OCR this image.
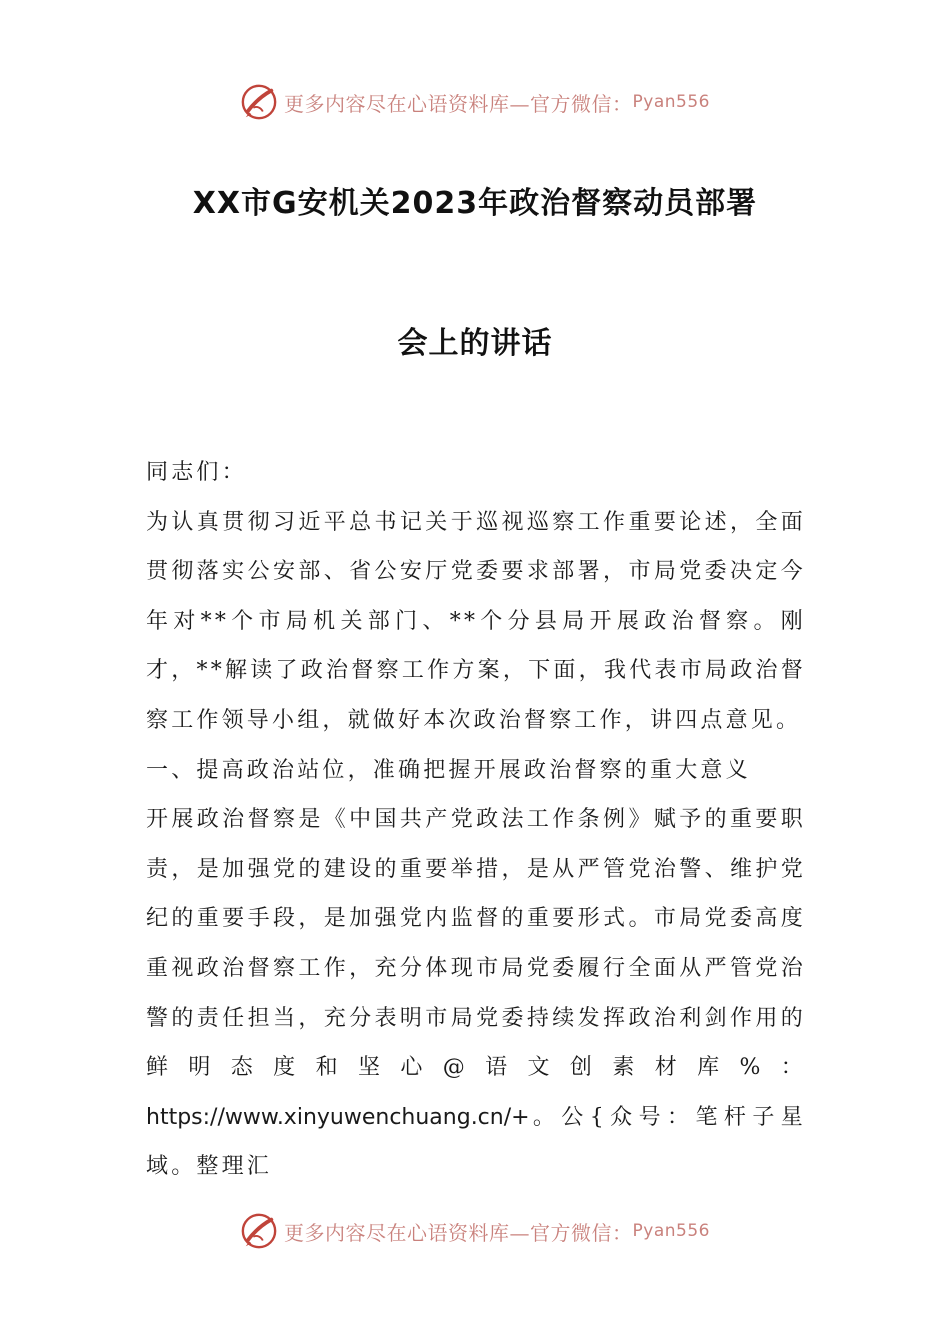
更多内容尽在心语资料库—官方微信： Pyan556
XX市G安机关2023年政治督察动员部署
会上的讲话

同志们：

为认真贯彻习近平总书记关于巡视巡察工作重要论述，全面贯彻落实公安部、省公安厅党委要求部署，市局党委决定今年对**个市局机关部门、**个分县局开展政治督察。刚才，**解读了政治督察工作方案，下面，我代表市局政治督察工作领导小组，就做好本次政治督察工作，讲四点意见。

一、提高政治站位，准确把握开展政治督察的重大意义

开展政治督察是《中国共产党政法工作条例》赋予的重要职责，是加强党的建设的重要举措，是从严管党治警、维护党纪的重要手段，是加强党内监督的重要形式。市局党委高度重视政治督察工作，充分体现市局党委履行全面从严管党治警的责任担当，充分表明市局党委持续发挥政治利剑作用的鲜明态度和坚心@语文创素材库%：https://www.xinyuwenchuang.cn/+。公{众号：笔杆子星域。整理汇

更多内容尽在心语资料库—官方微信： Pyan556
